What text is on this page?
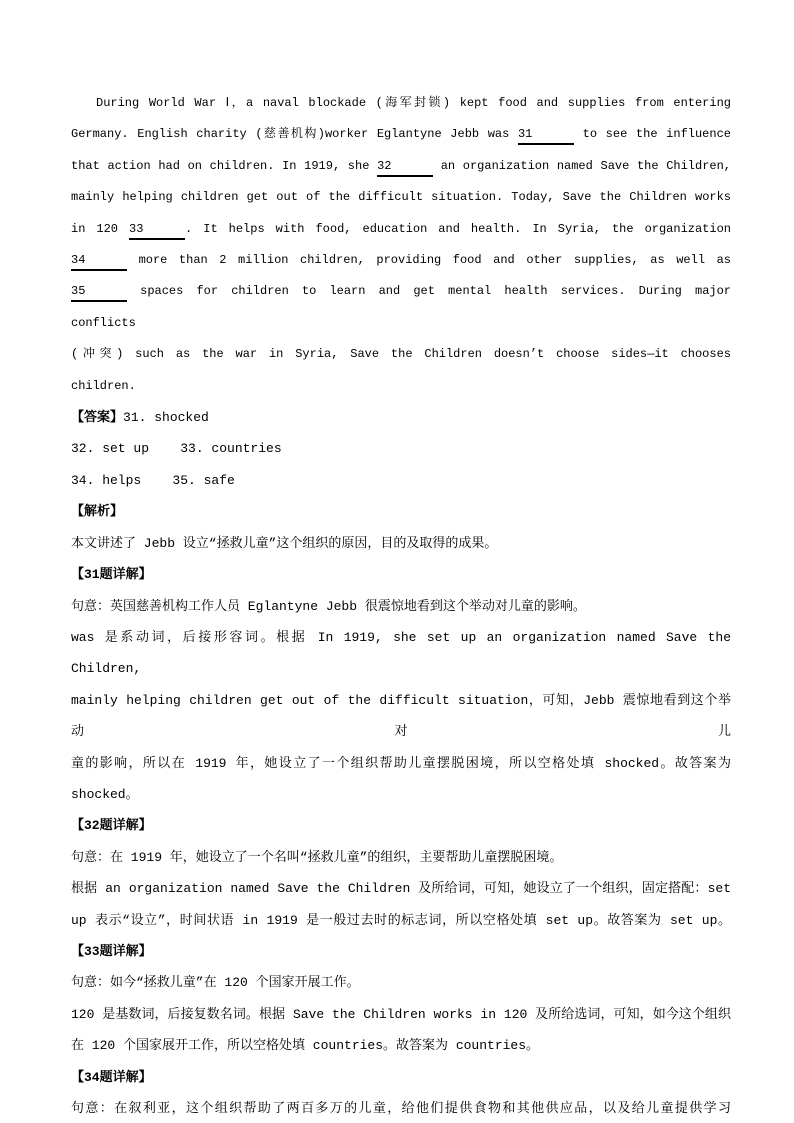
During World War Ⅰ，a naval blockade (海军封锁) kept food and supplies from entering
Germany. English charity (慈善机构)worker Eglantyne Jebb was 31	to see the influence
that action had on children. In 1919, she 32	an organization named Save the Children,
mainly helping children get out of the difficult situation. Today, Save the Children works
in 120 33	. It helps with food, education and health. In Syria, the organization
34	more than 2 million children, providing food and other supplies, as well as
35	spaces for children to learn and get mental health services. During major conflicts
(冲突) such as the war in Syria, Save the Children doesn’t choose sides—it chooses
children.
【答案】31. shocked
32. set up    33. countries
34. helps    35. safe
【解析】
本文讲述了 Jebb 设立“拯救儿童”这个组织的原因，目的及取得的成果。
【31题详解】
句意：英国慈善机构工作人员 Eglantyne Jebb 很震惊地看到这个举动对儿童的影响。
was 是系动词，后接形容词。根据 In 1919, she set up an organization named Save the Children,
mainly helping children get out of the difficult situation，可知，Jebb 震惊地看到这个举动对儿
童的影响，所以在 1919 年，她设立了一个组织帮助儿童摆脱困境，所以空格处填 shocked。故答案为
shocked。
【32题详解】
句意：在 1919 年，她设立了一个名叫“拯救儿童”的组织，主要帮助儿童摆脱困境。
根据 an organization named Save the Children 及所给词，可知，她设立了一个组织，固定搭配：set
up 表示“设立”，时间状语 in 1919 是一般过去时的标志词，所以空格处填 set up。故答案为 set up。
【33题详解】
句意：如今“拯救儿童”在 120 个国家开展工作。
120 是基数词，后接复数名词。根据 Save the Children works in 120 及所给选词，可知，如今这个组织
在 120 个国家展开工作，所以空格处填 countries。故答案为 countries。
【34题详解】
句意：在叙利亚，这个组织帮助了两百多万的儿童，给他们提供食物和其他供应品，以及给儿童提供学习
